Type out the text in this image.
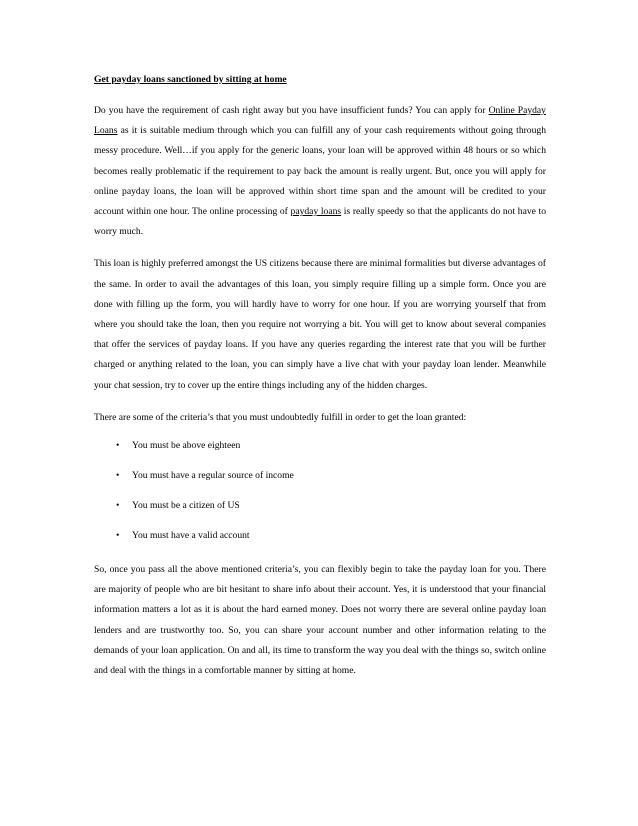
Get payday loans sanctioned by sitting at home

Do you have the requirement of cash right away but you have insufficient funds? You can apply for Online Payday Loans as it is suitable medium through which you can fulfill any of your cash requirements without going through messy procedure. Well…if you apply for the generic loans, your loan will be approved within 48 hours or so which becomes really problematic if the requirement to pay back the amount is really urgent. But, once you will apply for online payday loans, the loan will be approved within short time span and the amount will be credited to your account within one hour. The online processing of payday loans is really speedy so that the applicants do not have to worry much.

This loan is highly preferred amongst the US citizens because there are minimal formalities but diverse advantages of the same. In order to avail the advantages of this loan, you simply require filling up a simple form. Once you are done with filling up the form, you will hardly have to worry for one hour. If you are worrying yourself that from where you should take the loan, then you require not worrying a bit. You will get to know about several companies that offer the services of payday loans. If you have any queries regarding the interest rate that you will be further charged or anything related to the loan, you can simply have a live chat with your payday loan lender. Meanwhile your chat session, try to cover up the entire things including any of the hidden charges.

There are some of the criteria’s that you must undoubtedly fulfill in order to get the loan granted:

• You must be above eighteen
• You must have a regular source of income
• You must be a citizen of US
• You must have a valid account

So, once you pass all the above mentioned criteria’s, you can flexibly begin to take the payday loan for you. There are majority of people who are bit hesitant to share info about their account. Yes, it is understood that your financial information matters a lot as it is about the hard earned money. Does not worry there are several online payday loan lenders and are trustworthy too. So, you can share your account number and other information relating to the demands of your loan application. On and all, its time to transform the way you deal with the things so, switch online and deal with the things in a comfortable manner by sitting at home.
